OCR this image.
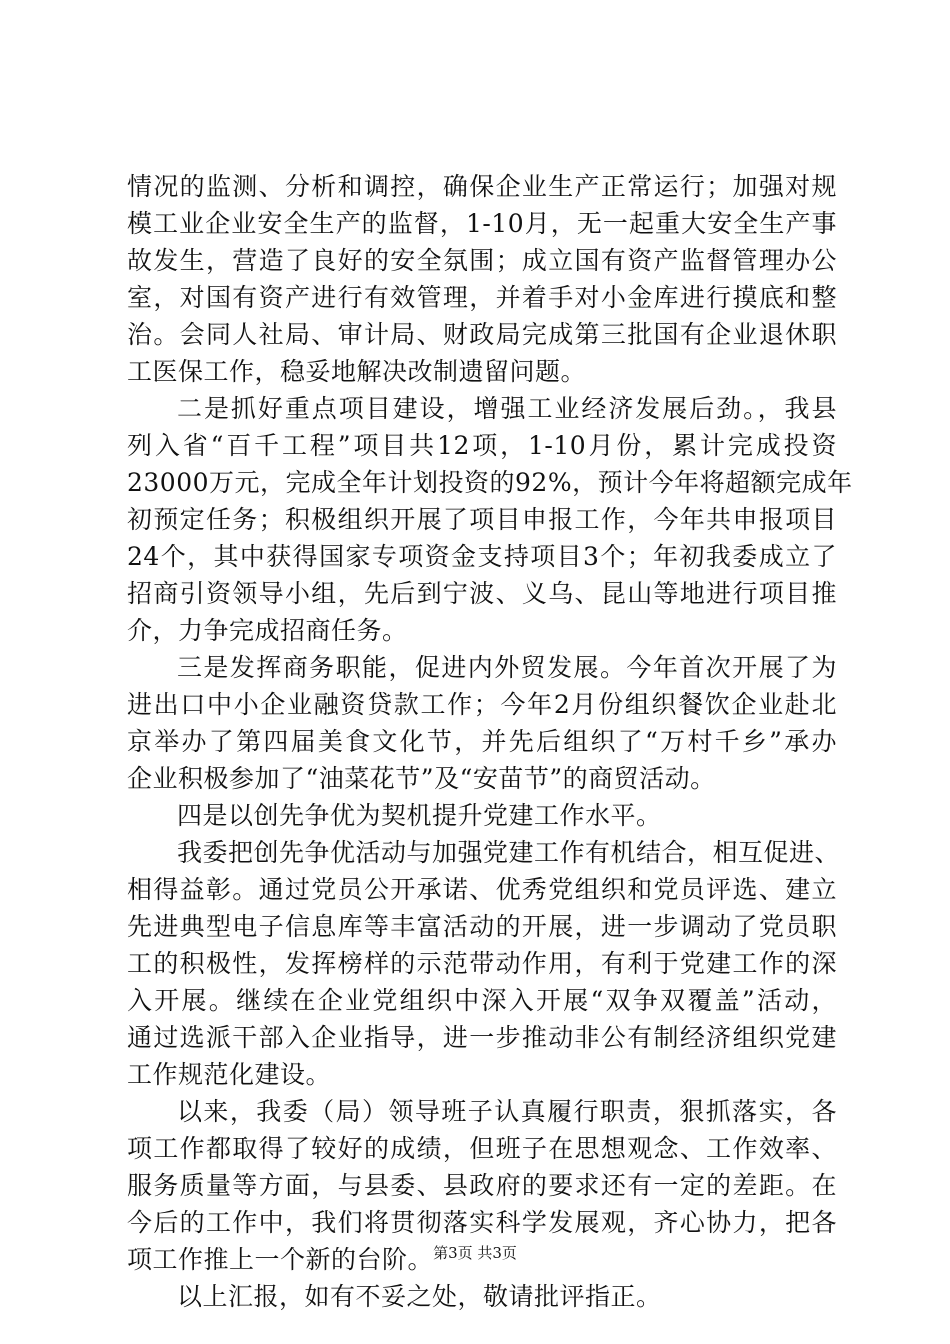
情况的监测、分析和调控，确保企业生产正常运行；加强对规
模工业企业安全生产的监督，1-10月，无一起重大安全生产事
故发生，营造了良好的安全氛围；成立国有资产监督管理办公
室，对国有资产进行有效管理，并着手对小金库进行摸底和整
治。会同人社局、审计局、财政局完成第三批国有企业退休职
工医保工作，稳妥地解决改制遗留问题。
二是抓好重点项目建设，增强工业经济发展后劲。，我县
列入省“百千工程”项目共12项，1-10月份，累计完成投资
23000万元，完成全年计划投资的92%，预计今年将超额完成年
初预定任务；积极组织开展了项目申报工作，今年共申报项目
24个，其中获得国家专项资金支持项目3个；年初我委成立了
招商引资领导小组，先后到宁波、义乌、昆山等地进行项目推
介，力争完成招商任务。
三是发挥商务职能，促进内外贸发展。今年首次开展了为
进出口中小企业融资贷款工作；今年2月份组织餐饮企业赴北
京举办了第四届美食文化节，并先后组织了“万村千乡”承办
企业积极参加了“油菜花节”及“安苗节”的商贸活动。
四是以创先争优为契机提升党建工作水平。
我委把创先争优活动与加强党建工作有机结合，相互促进、
相得益彰。通过党员公开承诺、优秀党组织和党员评选、建立
先进典型电子信息库等丰富活动的开展，进一步调动了党员职
工的积极性，发挥榜样的示范带动作用，有利于党建工作的深
入开展。继续在企业党组织中深入开展“双争双覆盖”活动，
通过选派干部入企业指导，进一步推动非公有制经济组织党建
工作规范化建设。
以来，我委（局）领导班子认真履行职责，狠抓落实，各
项工作都取得了较好的成绩，但班子在思想观念、工作效率、
服务质量等方面，与县委、县政府的要求还有一定的差距。在
今后的工作中，我们将贯彻落实科学发展观，齐心协力，把各
项工作推上一个新的台阶。
以上汇报，如有不妥之处，敬请批评指正。
第3页 共3页
